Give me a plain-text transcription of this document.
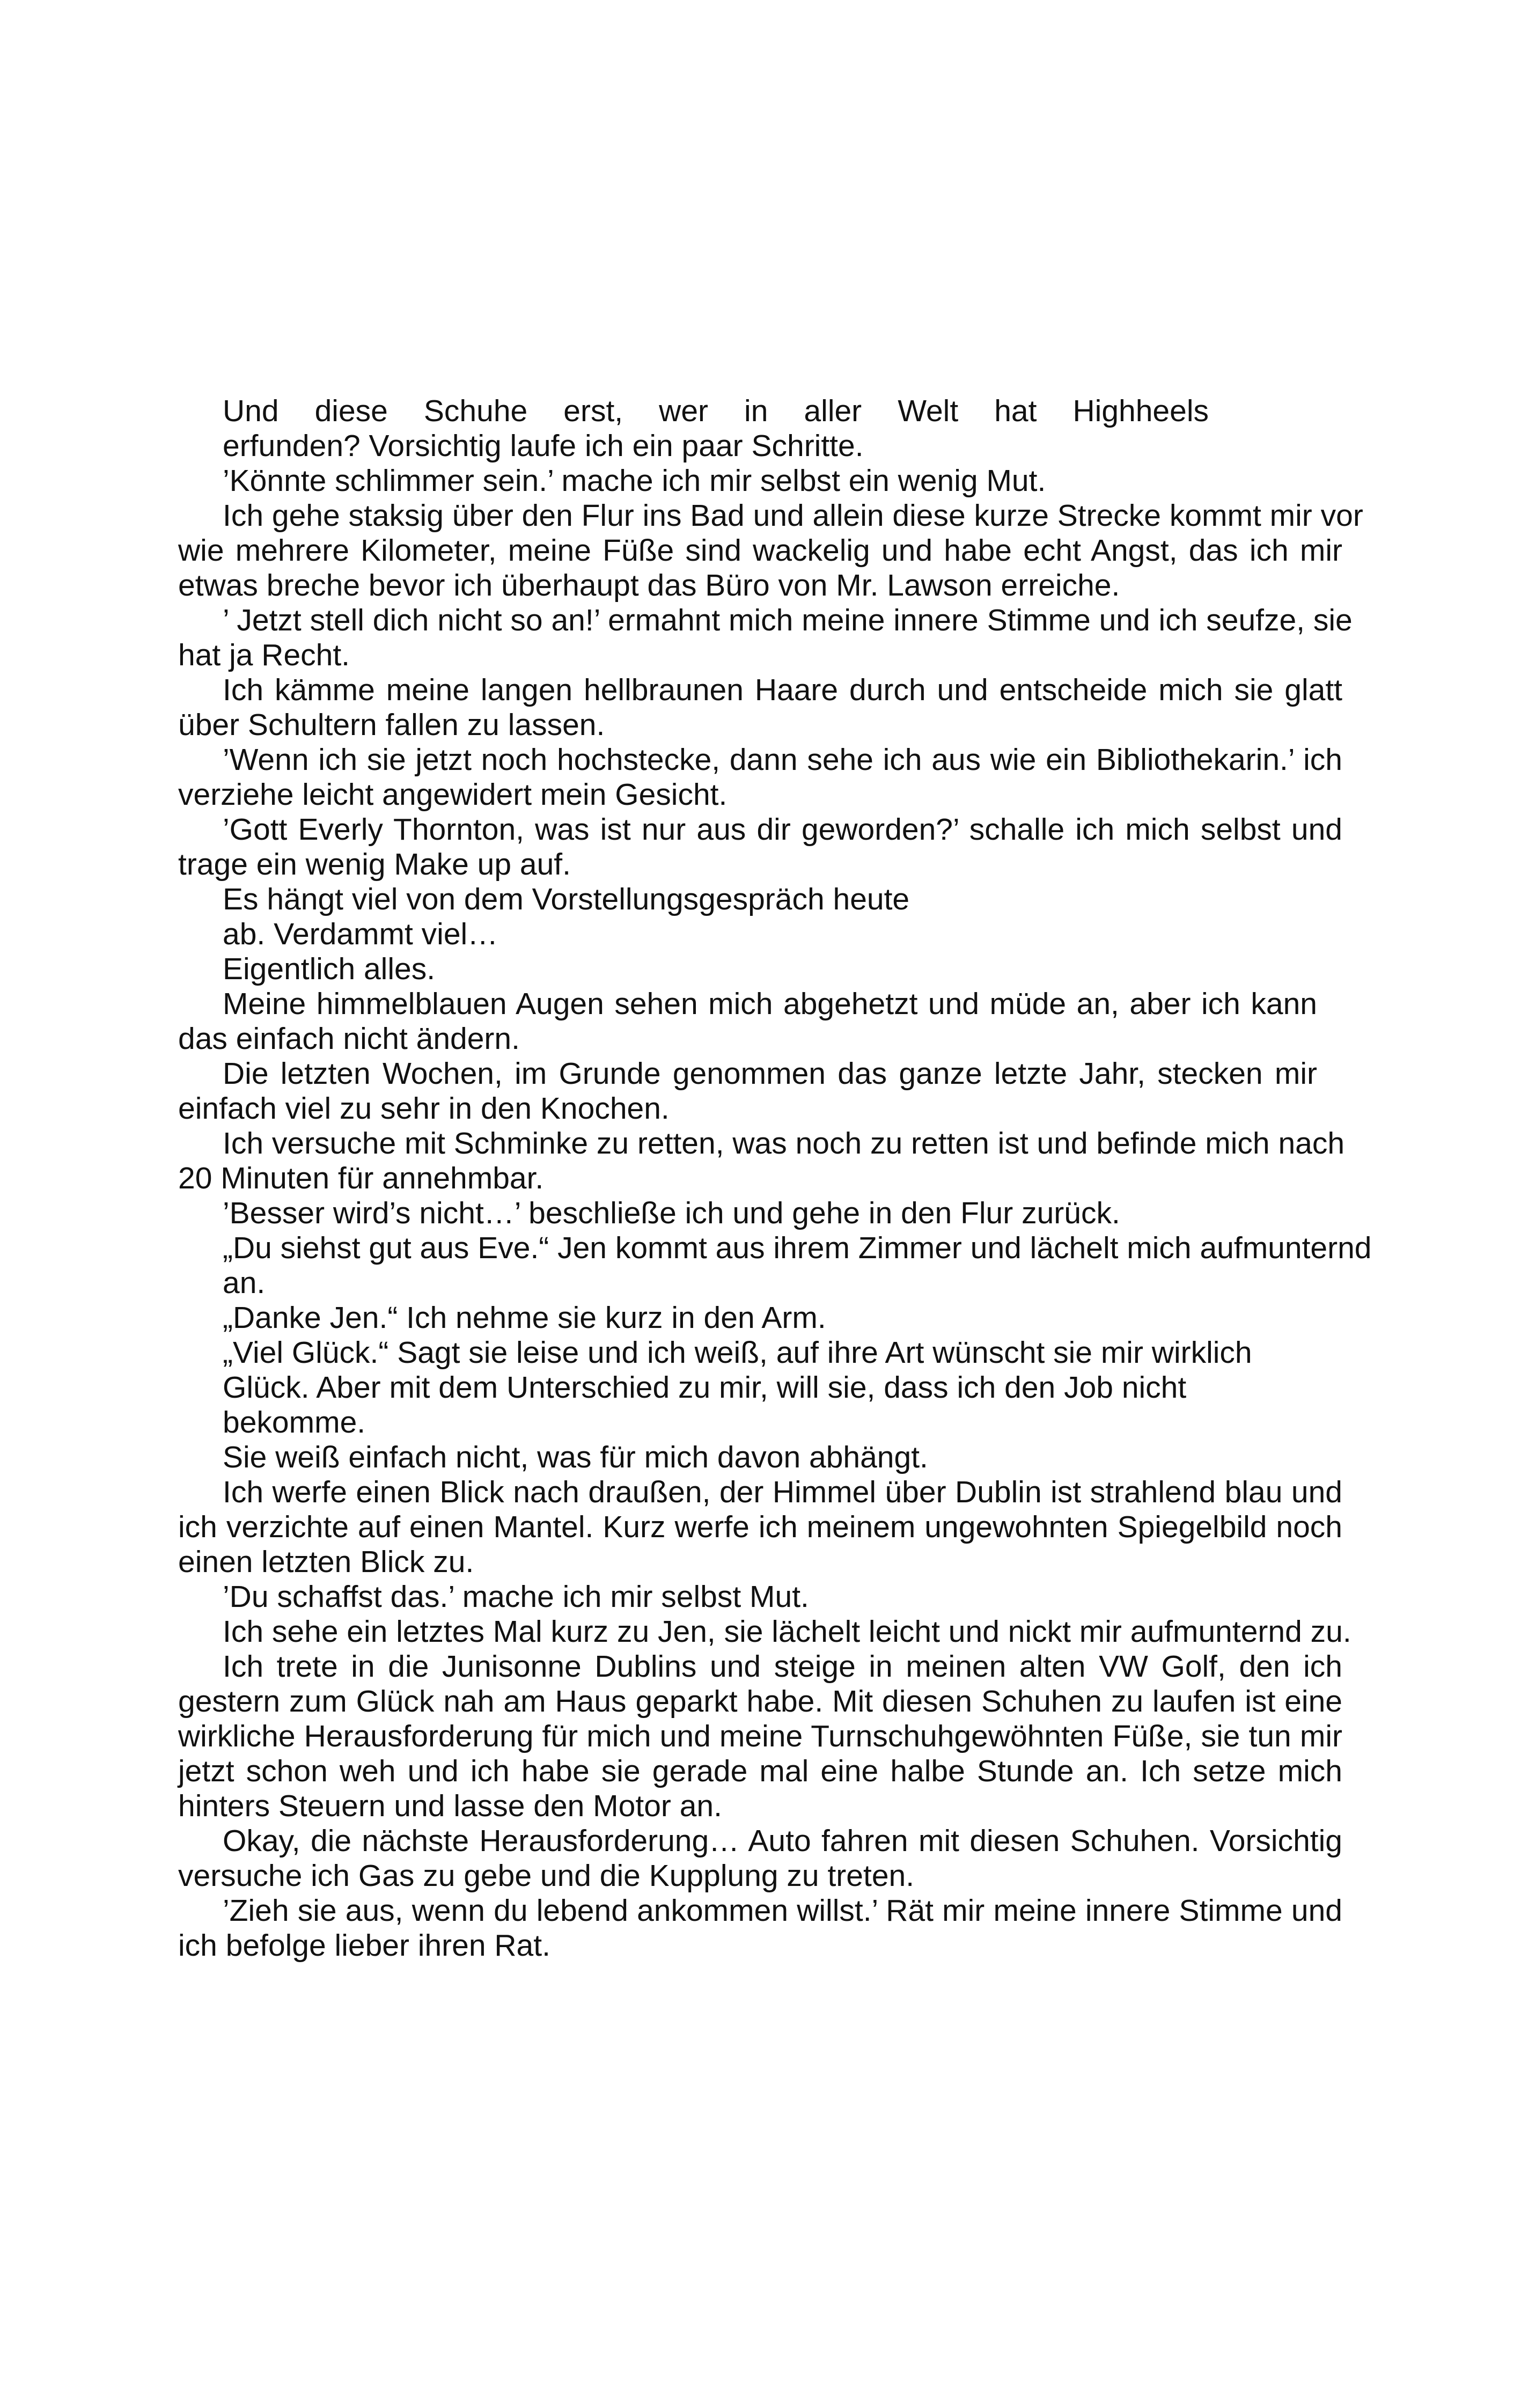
Und diese Schuhe erst, wer in aller Welt hat Highheels
erfunden? Vorsichtig laufe ich ein paar Schritte.
’Könnte schlimmer sein.’ mache ich mir selbst ein wenig Mut.
Ich gehe staksig über den Flur ins Bad und allein diese kurze Strecke kommt mir vor
wie mehrere Kilometer, meine Füße sind wackelig und habe echt Angst, das ich mir
etwas breche bevor ich überhaupt das Büro von Mr. Lawson erreiche.
’ Jetzt stell dich nicht so an!’ ermahnt mich meine innere Stimme und ich seufze, sie
hat ja Recht.
Ich kämme meine langen hellbraunen Haare durch und entscheide mich sie glatt
über Schultern fallen zu lassen.
’Wenn ich sie jetzt noch hochstecke, dann sehe ich aus wie ein Bibliothekarin.’ ich
verziehe leicht angewidert mein Gesicht.
’Gott Everly Thornton, was ist nur aus dir geworden?’ schalle ich mich selbst und
trage ein wenig Make up auf.
Es hängt viel von dem Vorstellungsgespräch heute
ab. Verdammt viel…
Eigentlich alles.
Meine himmelblauen Augen sehen mich abgehetzt und müde an, aber ich kann
das einfach nicht ändern.
Die letzten Wochen, im Grunde genommen das ganze letzte Jahr, stecken mir
einfach viel zu sehr in den Knochen.
Ich versuche mit Schminke zu retten, was noch zu retten ist und befinde mich nach
20 Minuten für annehmbar.
’Besser wird’s nicht…’ beschließe ich und gehe in den Flur zurück.
„Du siehst gut aus Eve.“ Jen kommt aus ihrem Zimmer und lächelt mich aufmunternd
an.
„Danke Jen.“ Ich nehme sie kurz in den Arm.
„Viel Glück.“ Sagt sie leise und ich weiß, auf ihre Art wünscht sie mir wirklich
Glück. Aber mit dem Unterschied zu mir, will sie, dass ich den Job nicht
bekomme.
Sie weiß einfach nicht, was für mich davon abhängt.
Ich werfe einen Blick nach draußen, der Himmel über Dublin ist strahlend blau und
ich verzichte auf einen Mantel. Kurz werfe ich meinem ungewohnten Spiegelbild noch
einen letzten Blick zu.
’Du schaffst das.’ mache ich mir selbst Mut.
Ich sehe ein letztes Mal kurz zu Jen, sie lächelt leicht und nickt mir aufmunternd zu.
Ich trete in die Junisonne Dublins und steige in meinen alten VW Golf, den ich
gestern zum Glück nah am Haus geparkt habe. Mit diesen Schuhen zu laufen ist eine
wirkliche Herausforderung für mich und meine Turnschuhgewöhnten Füße, sie tun mir
jetzt schon weh und ich habe sie gerade mal eine halbe Stunde an. Ich setze mich
hinters Steuern und lasse den Motor an.
Okay, die nächste Herausforderung… Auto fahren mit diesen Schuhen. Vorsichtig
versuche ich Gas zu gebe und die Kupplung zu treten.
’Zieh sie aus, wenn du lebend ankommen willst.’ Rät mir meine innere Stimme und
ich befolge lieber ihren Rat.
